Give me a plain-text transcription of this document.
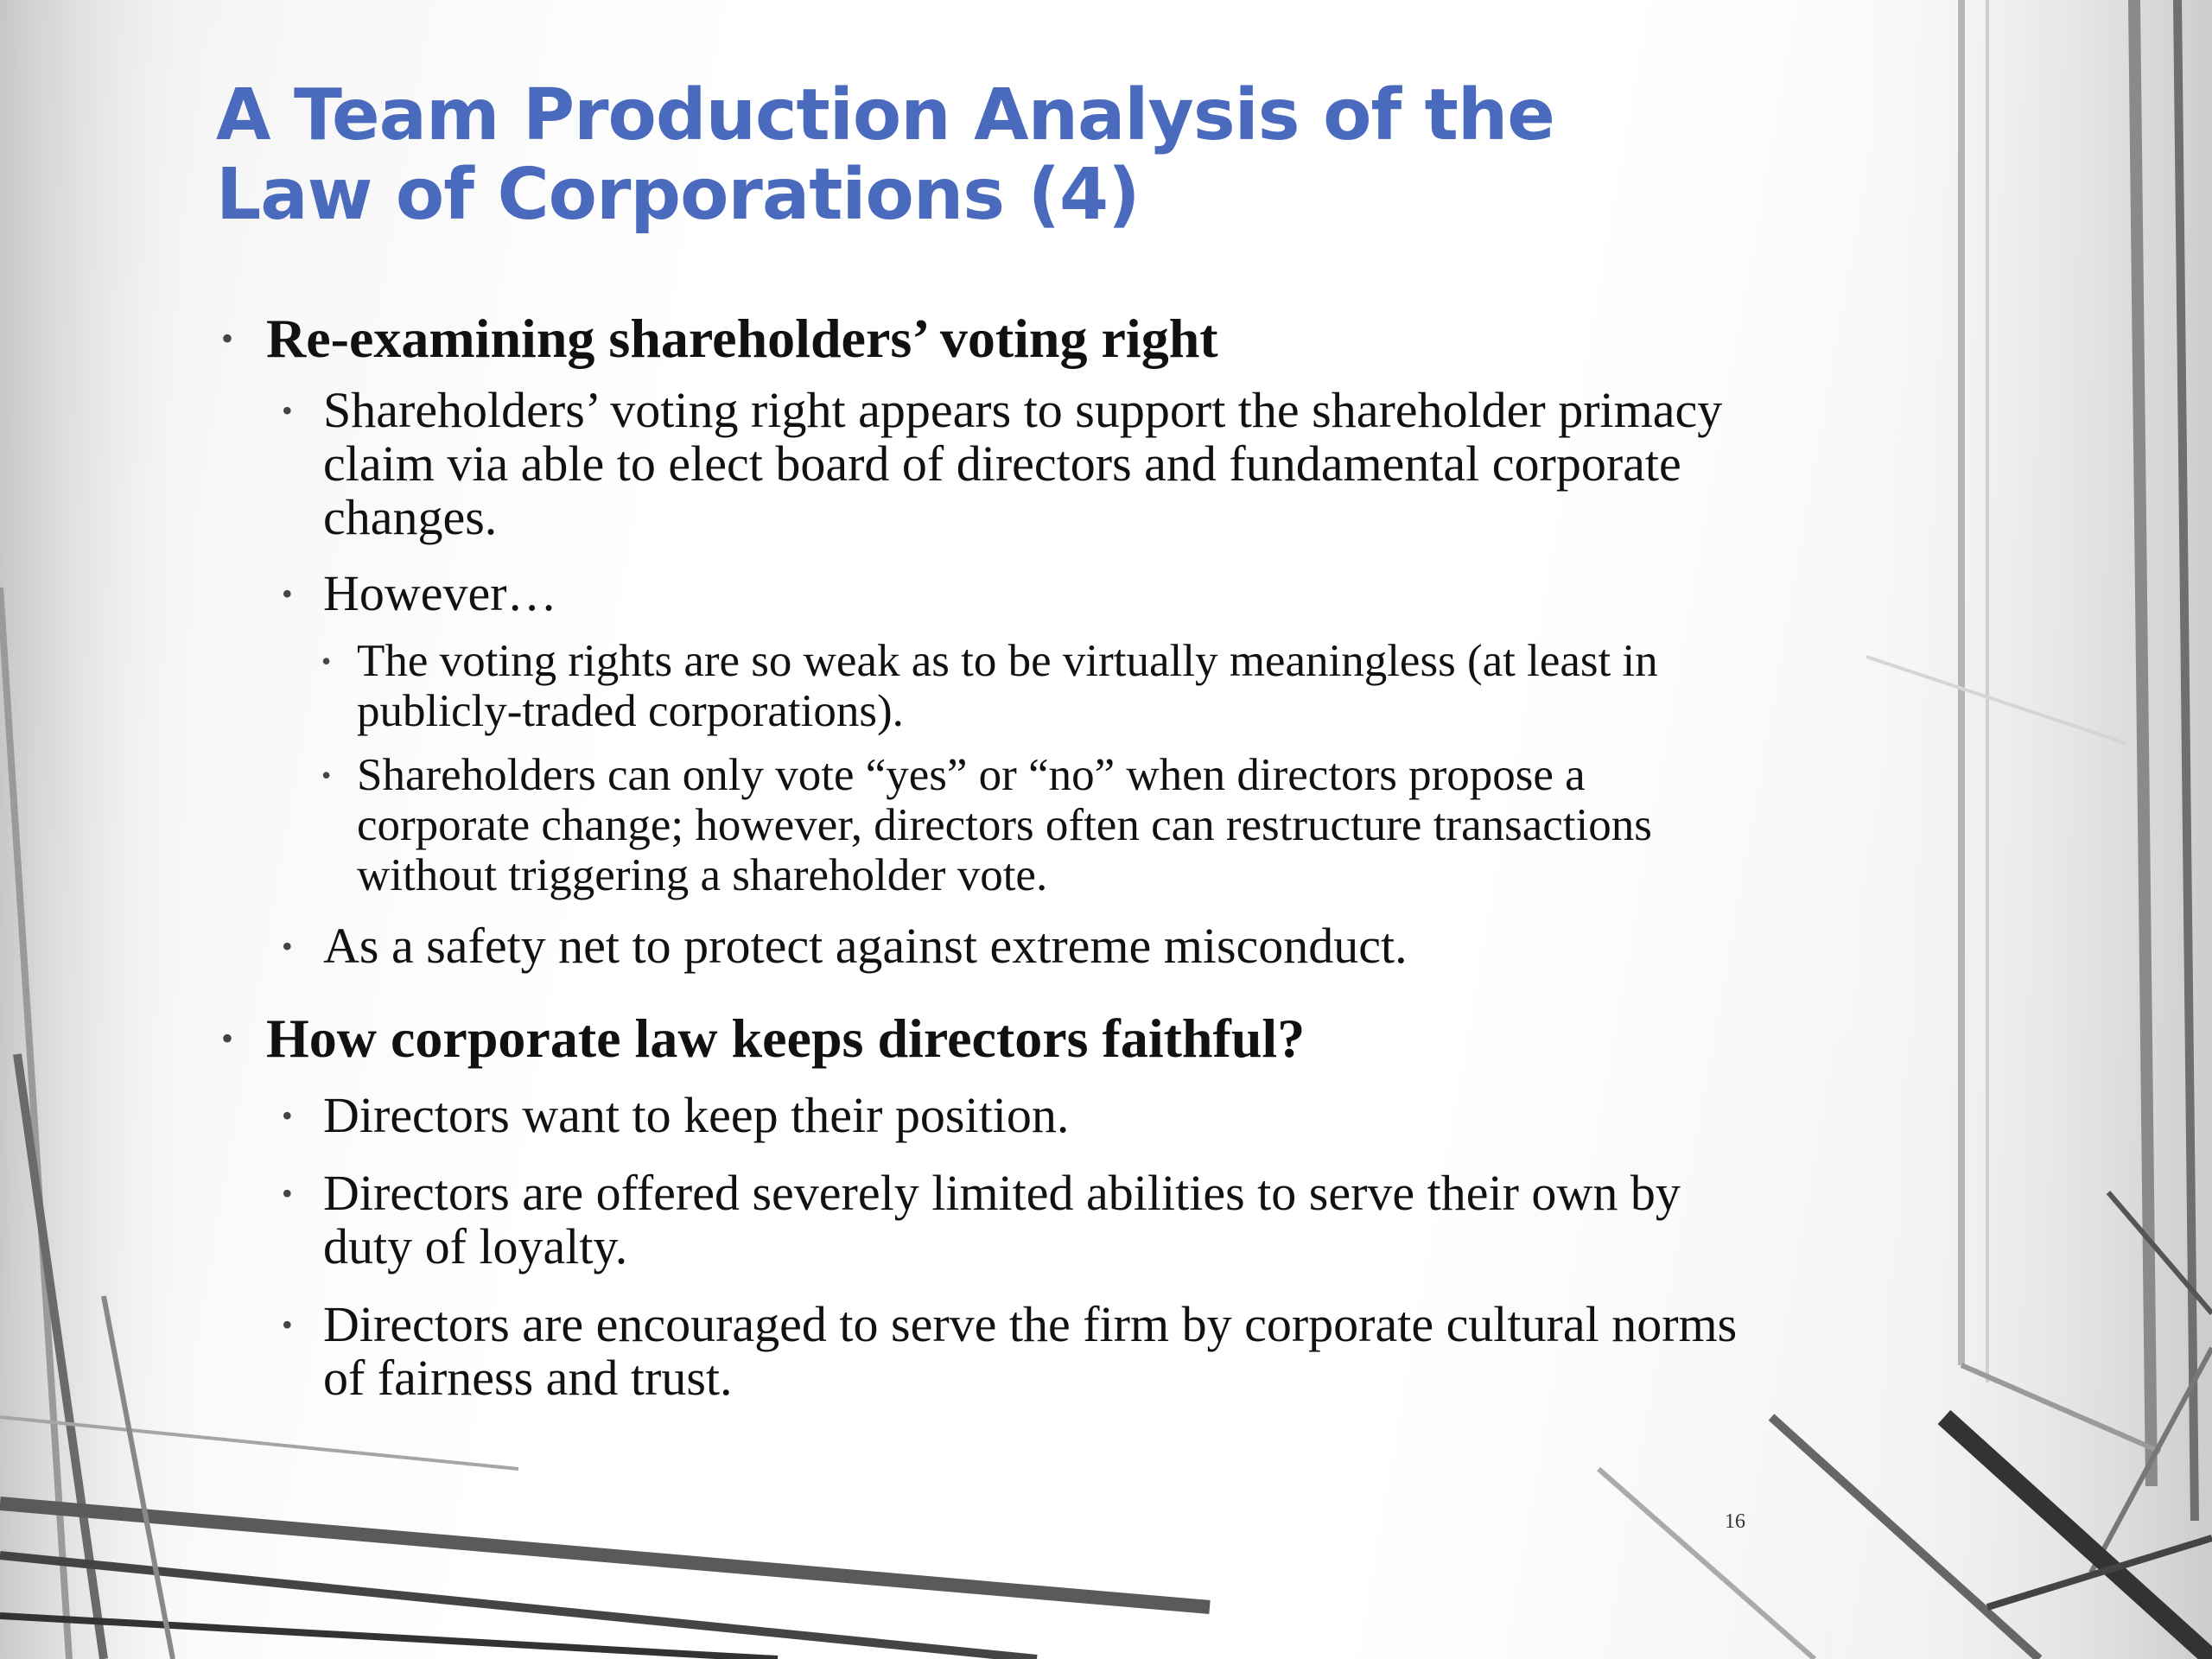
A Team Production Analysis of the
Law of Corporations (4)
• Re-examining shareholders’ voting right
• Shareholders’ voting right appears to support the shareholder primacy claim via able to elect board of directors and fundamental corporate changes.
• However…
• The voting rights are so weak as to be virtually meaningless (at least in publicly-traded corporations).
• Shareholders can only vote “yes” or “no” when directors propose a corporate change; however, directors often can restructure transactions without triggering a shareholder vote.
• As a safety net to protect against extreme misconduct.
• How corporate law keeps directors faithful?
• Directors want to keep their position.
• Directors are offered severely limited abilities to serve their own by duty of loyalty.
• Directors are encouraged to serve the firm by corporate cultural norms of fairness and trust.
16
